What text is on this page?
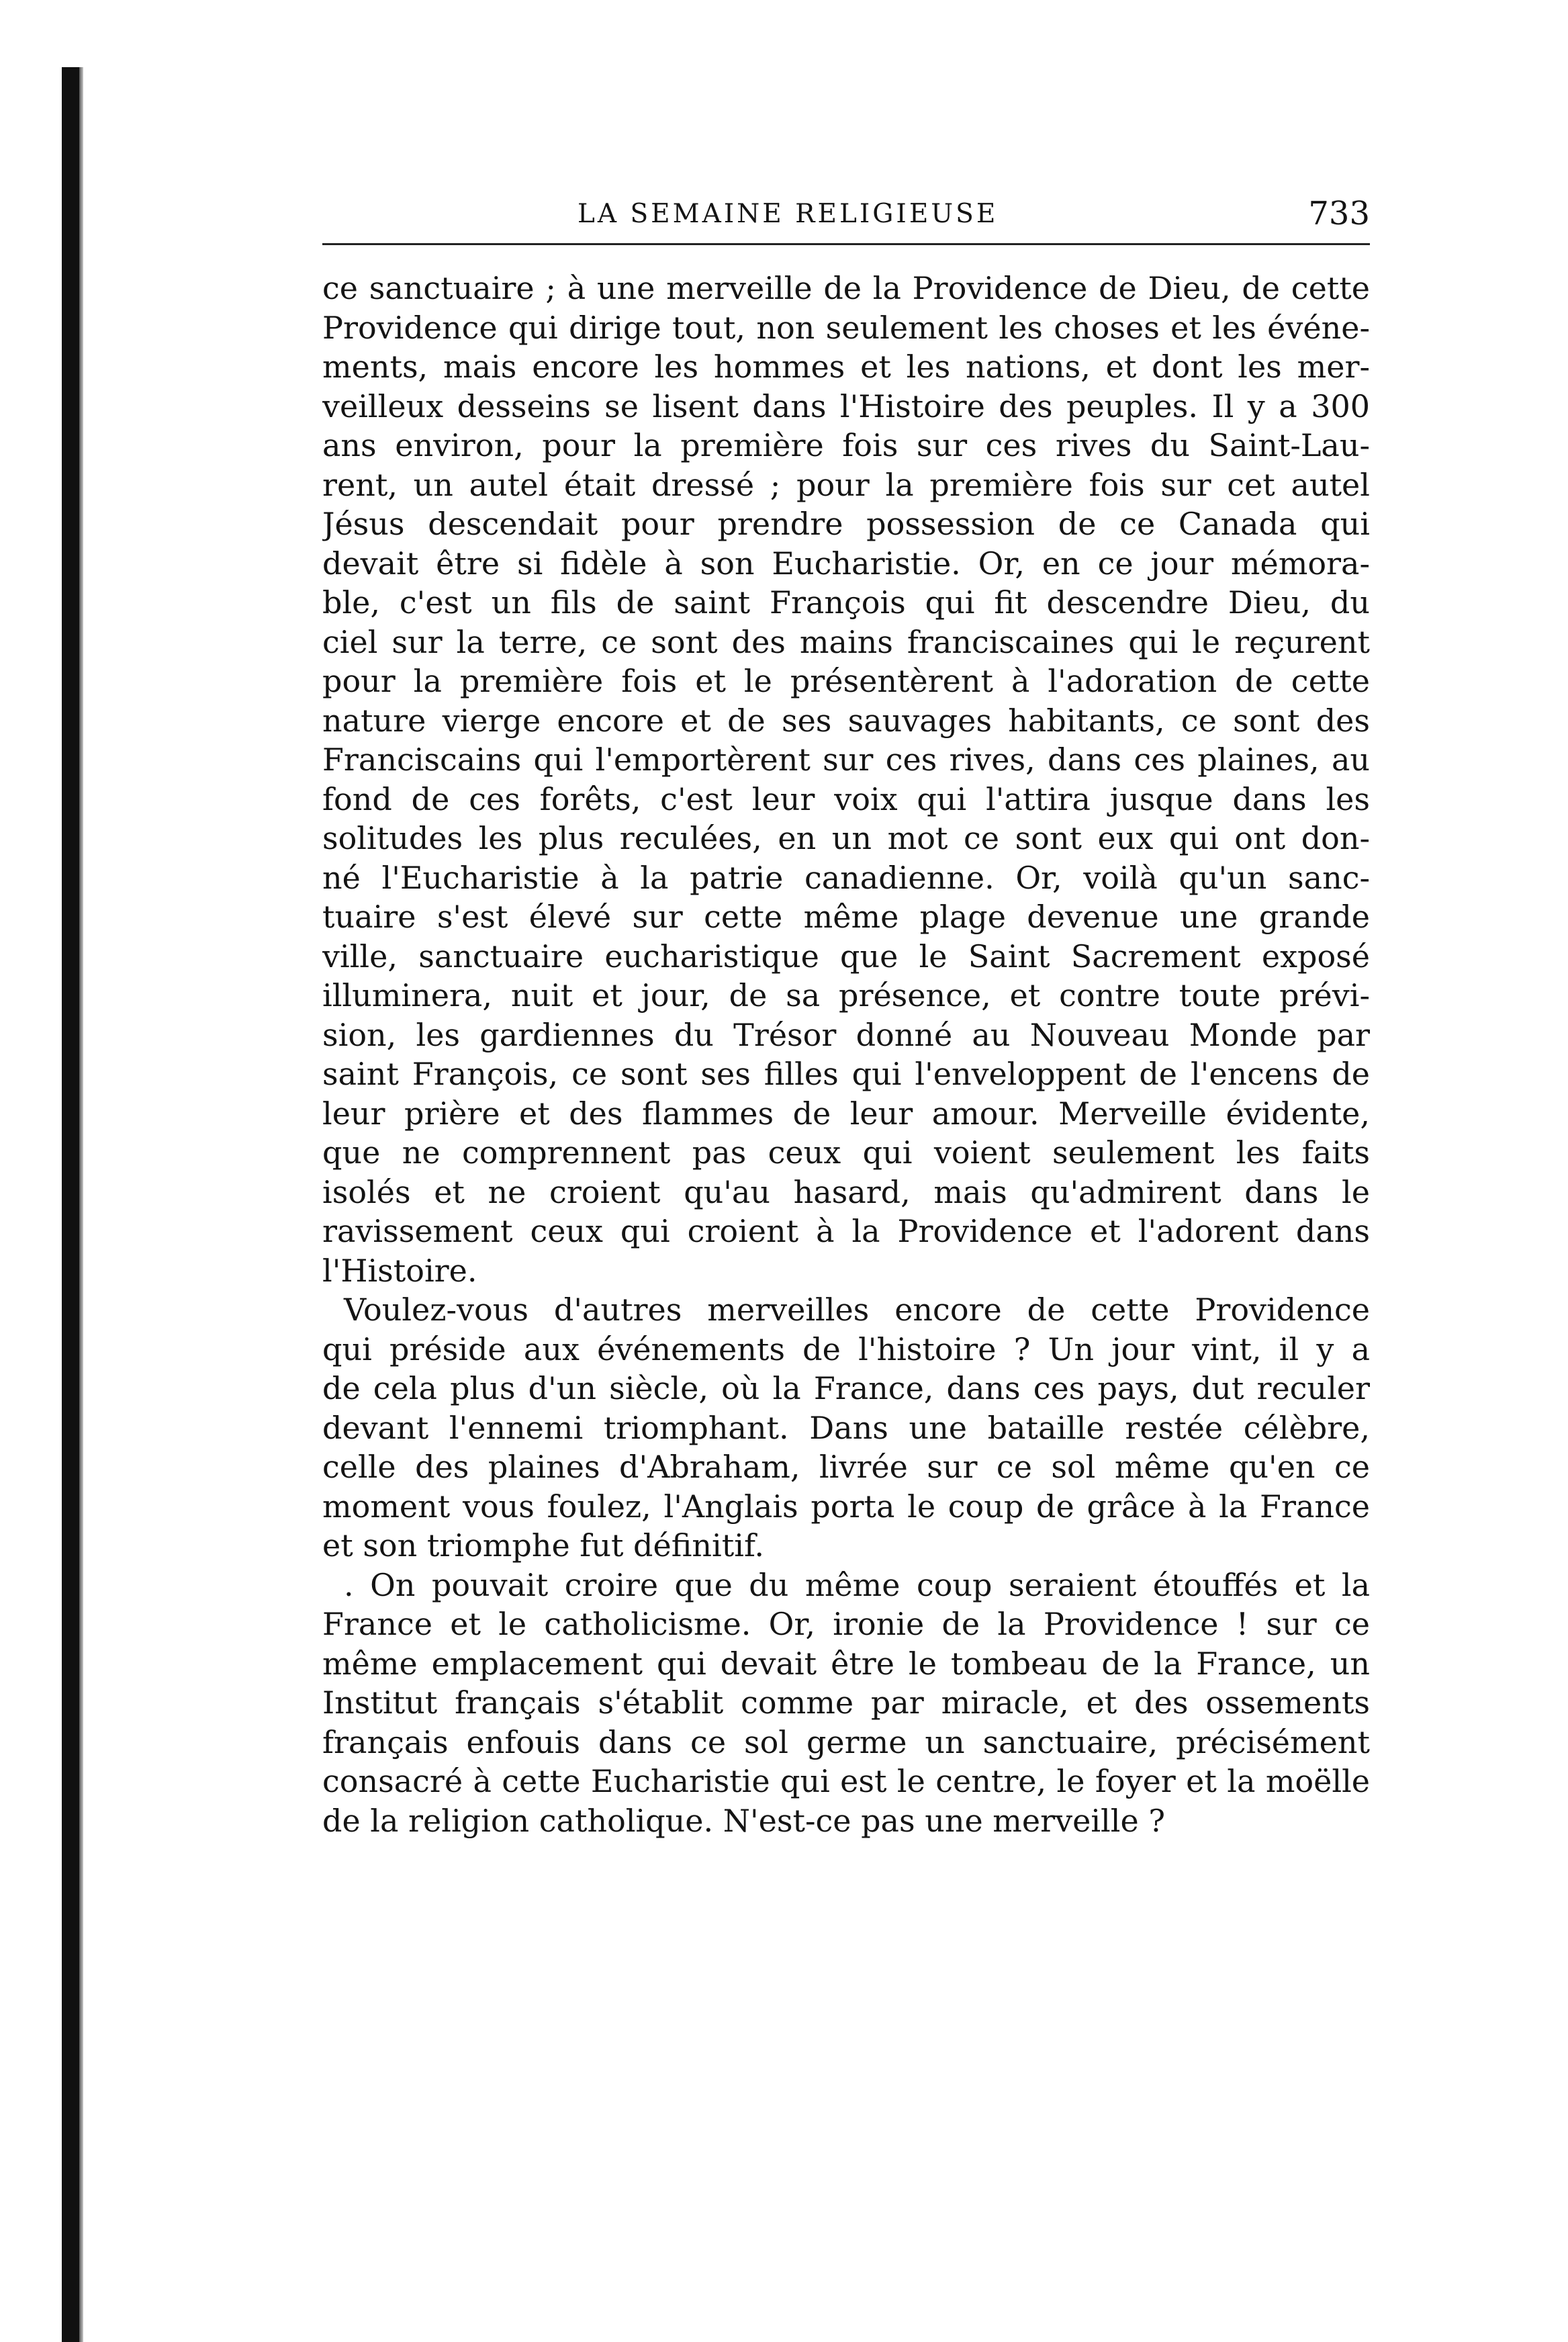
LA SEMAINE RELIGIEUSE	733
ce sanctuaire ; à une merveille de la Providence de Dieu, de cette
Providence qui dirige tout, non seulement les choses et les événe-
ments, mais encore les hommes et les nations, et dont les mer-
veilleux desseins se lisent dans l'Histoire des peuples. Il y a 300
ans environ, pour la première fois sur ces rives du Saint-Lau-
rent, un autel était dressé ; pour la première fois sur cet autel
Jésus descendait pour prendre possession de ce Canada qui
devait être si fidèle à son Eucharistie. Or, en ce jour mémora-
ble, c'est un fils de saint François qui fit descendre Dieu, du
ciel sur la terre, ce sont des mains franciscaines qui le reçurent
pour la première fois et le présentèrent à l'adoration de cette
nature vierge encore et de ses sauvages habitants, ce sont des
Franciscains qui l'emportèrent sur ces rives, dans ces plaines, au
fond de ces forêts, c'est leur voix qui l'attira jusque dans les
solitudes les plus reculées, en un mot ce sont eux qui ont don-
né l'Eucharistie à la patrie canadienne. Or, voilà qu'un sanc-
tuaire s'est élevé sur cette même plage devenue une grande
ville, sanctuaire eucharistique que le Saint Sacrement exposé
illuminera, nuit et jour, de sa présence, et contre toute prévi-
sion, les gardiennes du Trésor donné au Nouveau Monde par
saint François, ce sont ses filles qui l'enveloppent de l'encens de
leur prière et des flammes de leur amour. Merveille évidente,
que ne comprennent pas ceux qui voient seulement les faits
isolés et ne croient qu'au hasard, mais qu'admirent dans le
ravissement ceux qui croient à la Providence et l'adorent dans
l'Histoire.
Voulez-vous d'autres merveilles encore de cette Providence
qui préside aux événements de l'histoire ? Un jour vint, il y a
de cela plus d'un siècle, où la France, dans ces pays, dut reculer
devant l'ennemi triomphant. Dans une bataille restée célèbre,
celle des plaines d'Abraham, livrée sur ce sol même qu'en ce
moment vous foulez, l'Anglais porta le coup de grâce à la France
et son triomphe fut définitif.
. On pouvait croire que du même coup seraient étouffés et la
France et le catholicisme. Or, ironie de la Providence ! sur ce
même emplacement qui devait être le tombeau de la France, un
Institut français s'établit comme par miracle, et des ossements
français enfouis dans ce sol germe un sanctuaire, précisément
consacré à cette Eucharistie qui est le centre, le foyer et la moëlle
de la religion catholique. N'est-ce pas une merveille ?
